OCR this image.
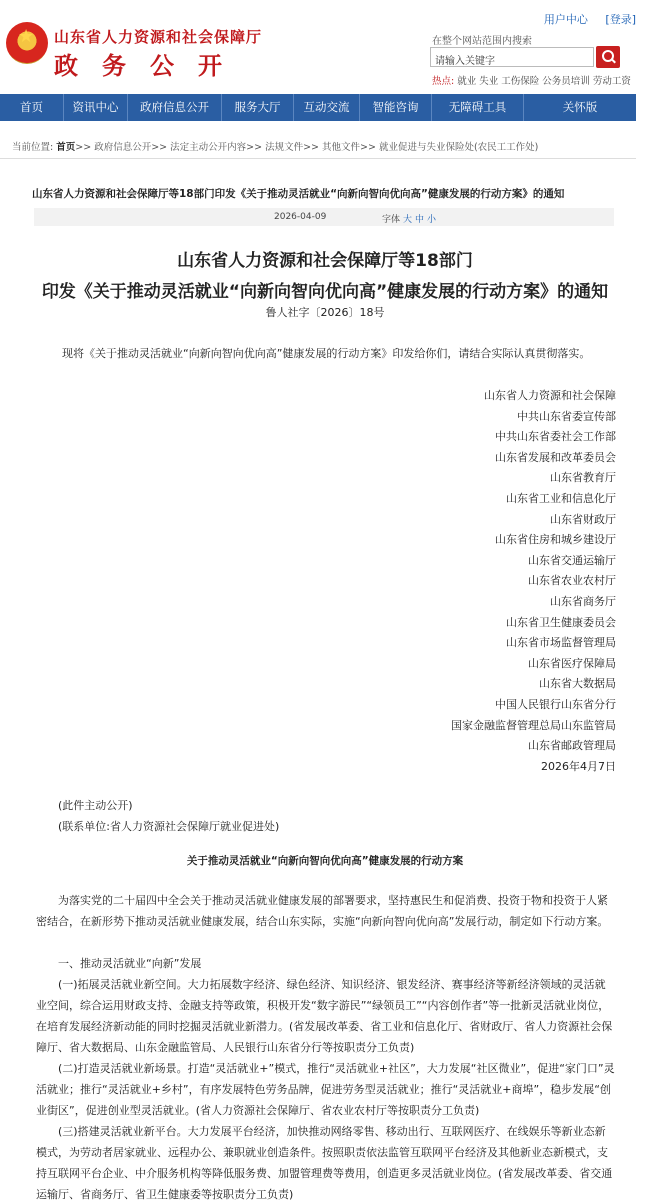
★
山东省人力资源和社会保障厅
政务公开
用户中心 [登录]
在整个网站范围内搜索
请输入关键字
热点: 就业 失业 工伤保险 公务员培训 劳动工资
首页	资讯中心	政府信息公开	服务大厅	互动交流	智能咨询	无障碍工具	关怀版
当前位置: 首页>> 政府信息公开>> 法定主动公开内容>> 法规文件>> 其他文件>> 就业促进与失业保险处(农民工工作处)
山东省人力资源和社会保障厅等18部门印发《关于推动灵活就业“向新向智向优向高”健康发展的行动方案》的通知
2026-04-09	字体 大 中 小
山东省人力资源和社会保障厅等18部门
印发《关于推动灵活就业“向新向智向优向高”健康发展的行动方案》的通知
鲁人社字〔2026〕18号
现将《关于推动灵活就业“向新向智向优向高”健康发展的行动方案》印发给你们，请结合实际认真贯彻落实。
山东省人力资源和社会保障
中共山东省委宣传部
中共山东省委社会工作部
山东省发展和改革委员会
山东省教育厅
山东省工业和信息化厅
山东省财政厅
山东省住房和城乡建设厅
山东省交通运输厅
山东省农业农村厅
山东省商务厅
山东省卫生健康委员会
山东省市场监督管理局
山东省医疗保障局
山东省大数据局
中国人民银行山东省分行
国家金融监督管理总局山东监管局
山东省邮政管理局
2026年4月7日
(此件主动公开)
(联系单位:省人力资源社会保障厅就业促进处)
关于推动灵活就业“向新向智向优向高”健康发展的行动方案
为落实党的二十届四中全会关于推动灵活就业健康发展的部署要求，坚持惠民生和促消费、投资于物和投资于人紧密结合，在新形势下推动灵活就业健康发展，结合山东实际，实施“向新向智向优向高”发展行动，制定如下行动方案。
一、推动灵活就业“向新”发展
(一)拓展灵活就业新空间。大力拓展数字经济、绿色经济、知识经济、银发经济、赛事经济等新经济领域的灵活就业空间，综合运用财政支持、金融支持等政策，积极开发“数字游民”“绿领员工”“内容创作者”等一批新灵活就业岗位，在培育发展经济新动能的同时挖掘灵活就业新潜力。(省发展改革委、省工业和信息化厅、省财政厅、省人力资源社会保障厅、省大数据局、山东金融监管局、人民银行山东省分行等按职责分工负责)
(二)打造灵活就业新场景。打造“灵活就业+”模式，推行“灵活就业+社区”，大力发展“社区微业”，促进“家门口”灵活就业；推行“灵活就业+乡村”，有序发展特色劳务品牌，促进劳务型灵活就业；推行“灵活就业+商埠”，稳步发展“创业街区”，促进创业型灵活就业。(省人力资源社会保障厅、省农业农村厅等按职责分工负责)
(三)搭建灵活就业新平台。大力发展平台经济，加快推动网络零售、移动出行、互联网医疗、在线娱乐等新业态新模式，为劳动者居家就业、远程办公、兼职就业创造条件。按照职责依法监管互联网平台经济及其他新业态新模式，支持互联网平台企业、中介服务机构等降低服务费、加盟管理费等费用，创造更多灵活就业岗位。(省发展改革委、省交通运输厅、省商务厅、省卫生健康委等按职责分工负责)
